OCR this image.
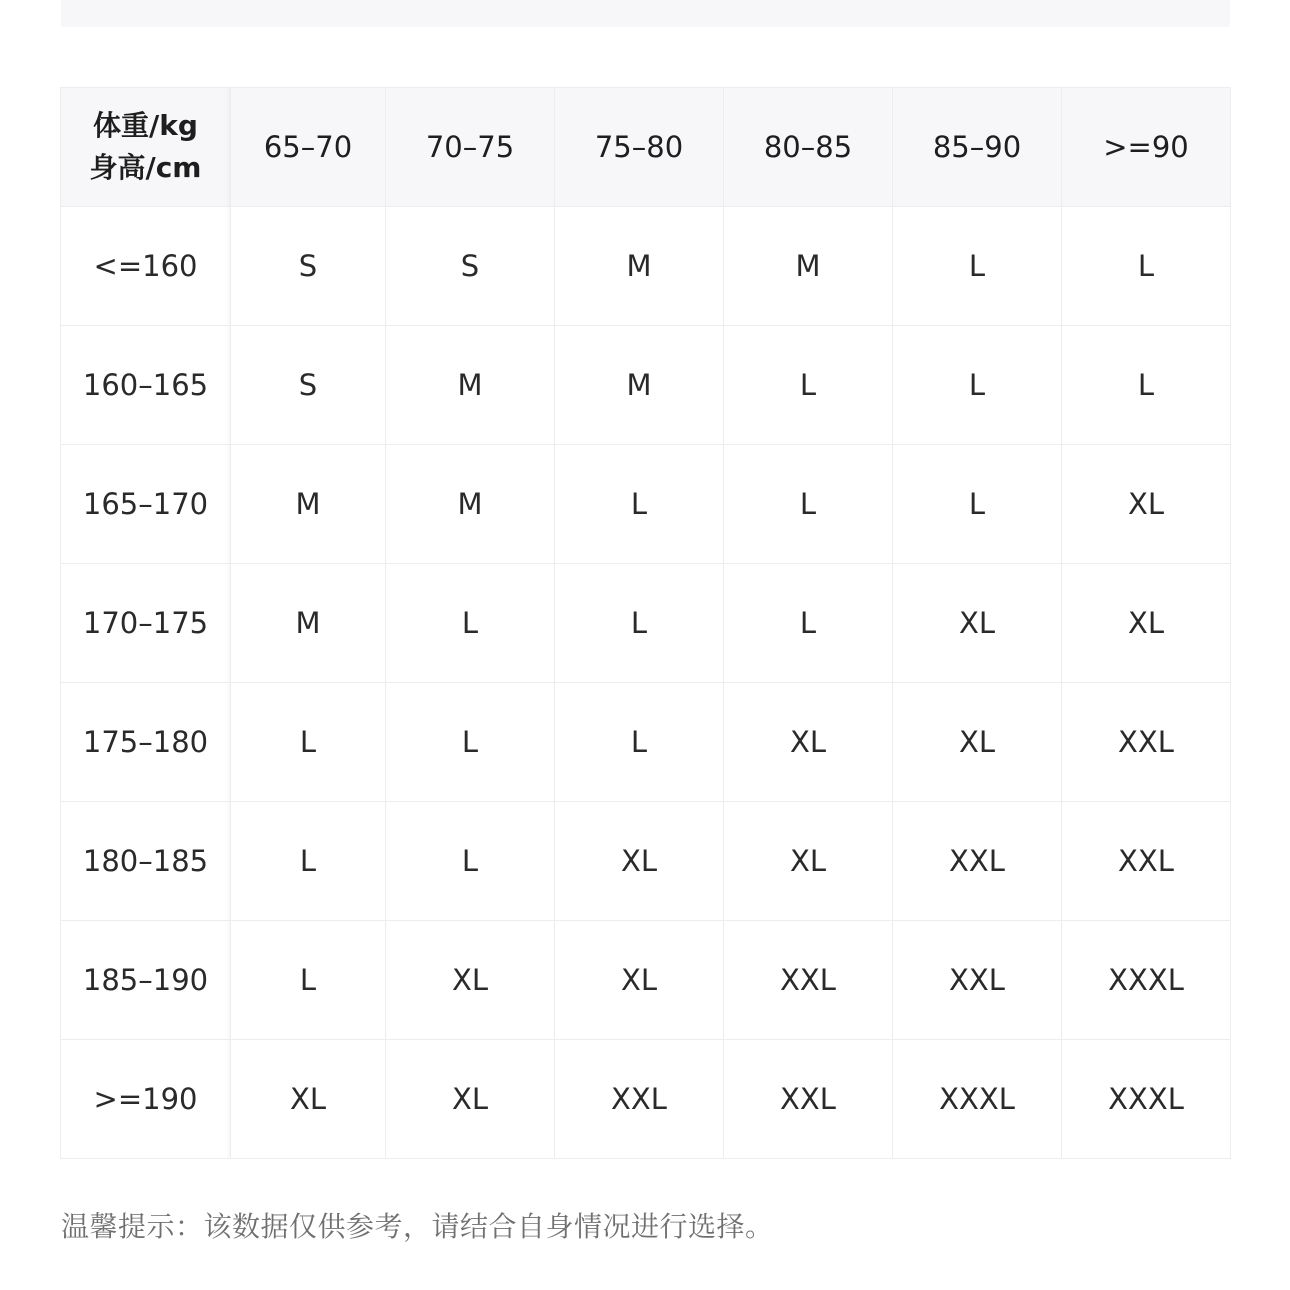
体重/kg
身高/cm	65–70	70–75	75–80	80–85	85–90	>=90
<=160	S	S	M	M	L	L
160–165	S	M	M	L	L	L
165–170	M	M	L	L	L	XL
170–175	M	L	L	L	XL	XL
175–180	L	L	L	XL	XL	XXL
180–185	L	L	XL	XL	XXL	XXL
185–190	L	XL	XL	XXL	XXL	XXXL
>=190	XL	XL	XXL	XXL	XXXL	XXXL
温馨提示：该数据仅供参考，请结合自身情况进行选择。
